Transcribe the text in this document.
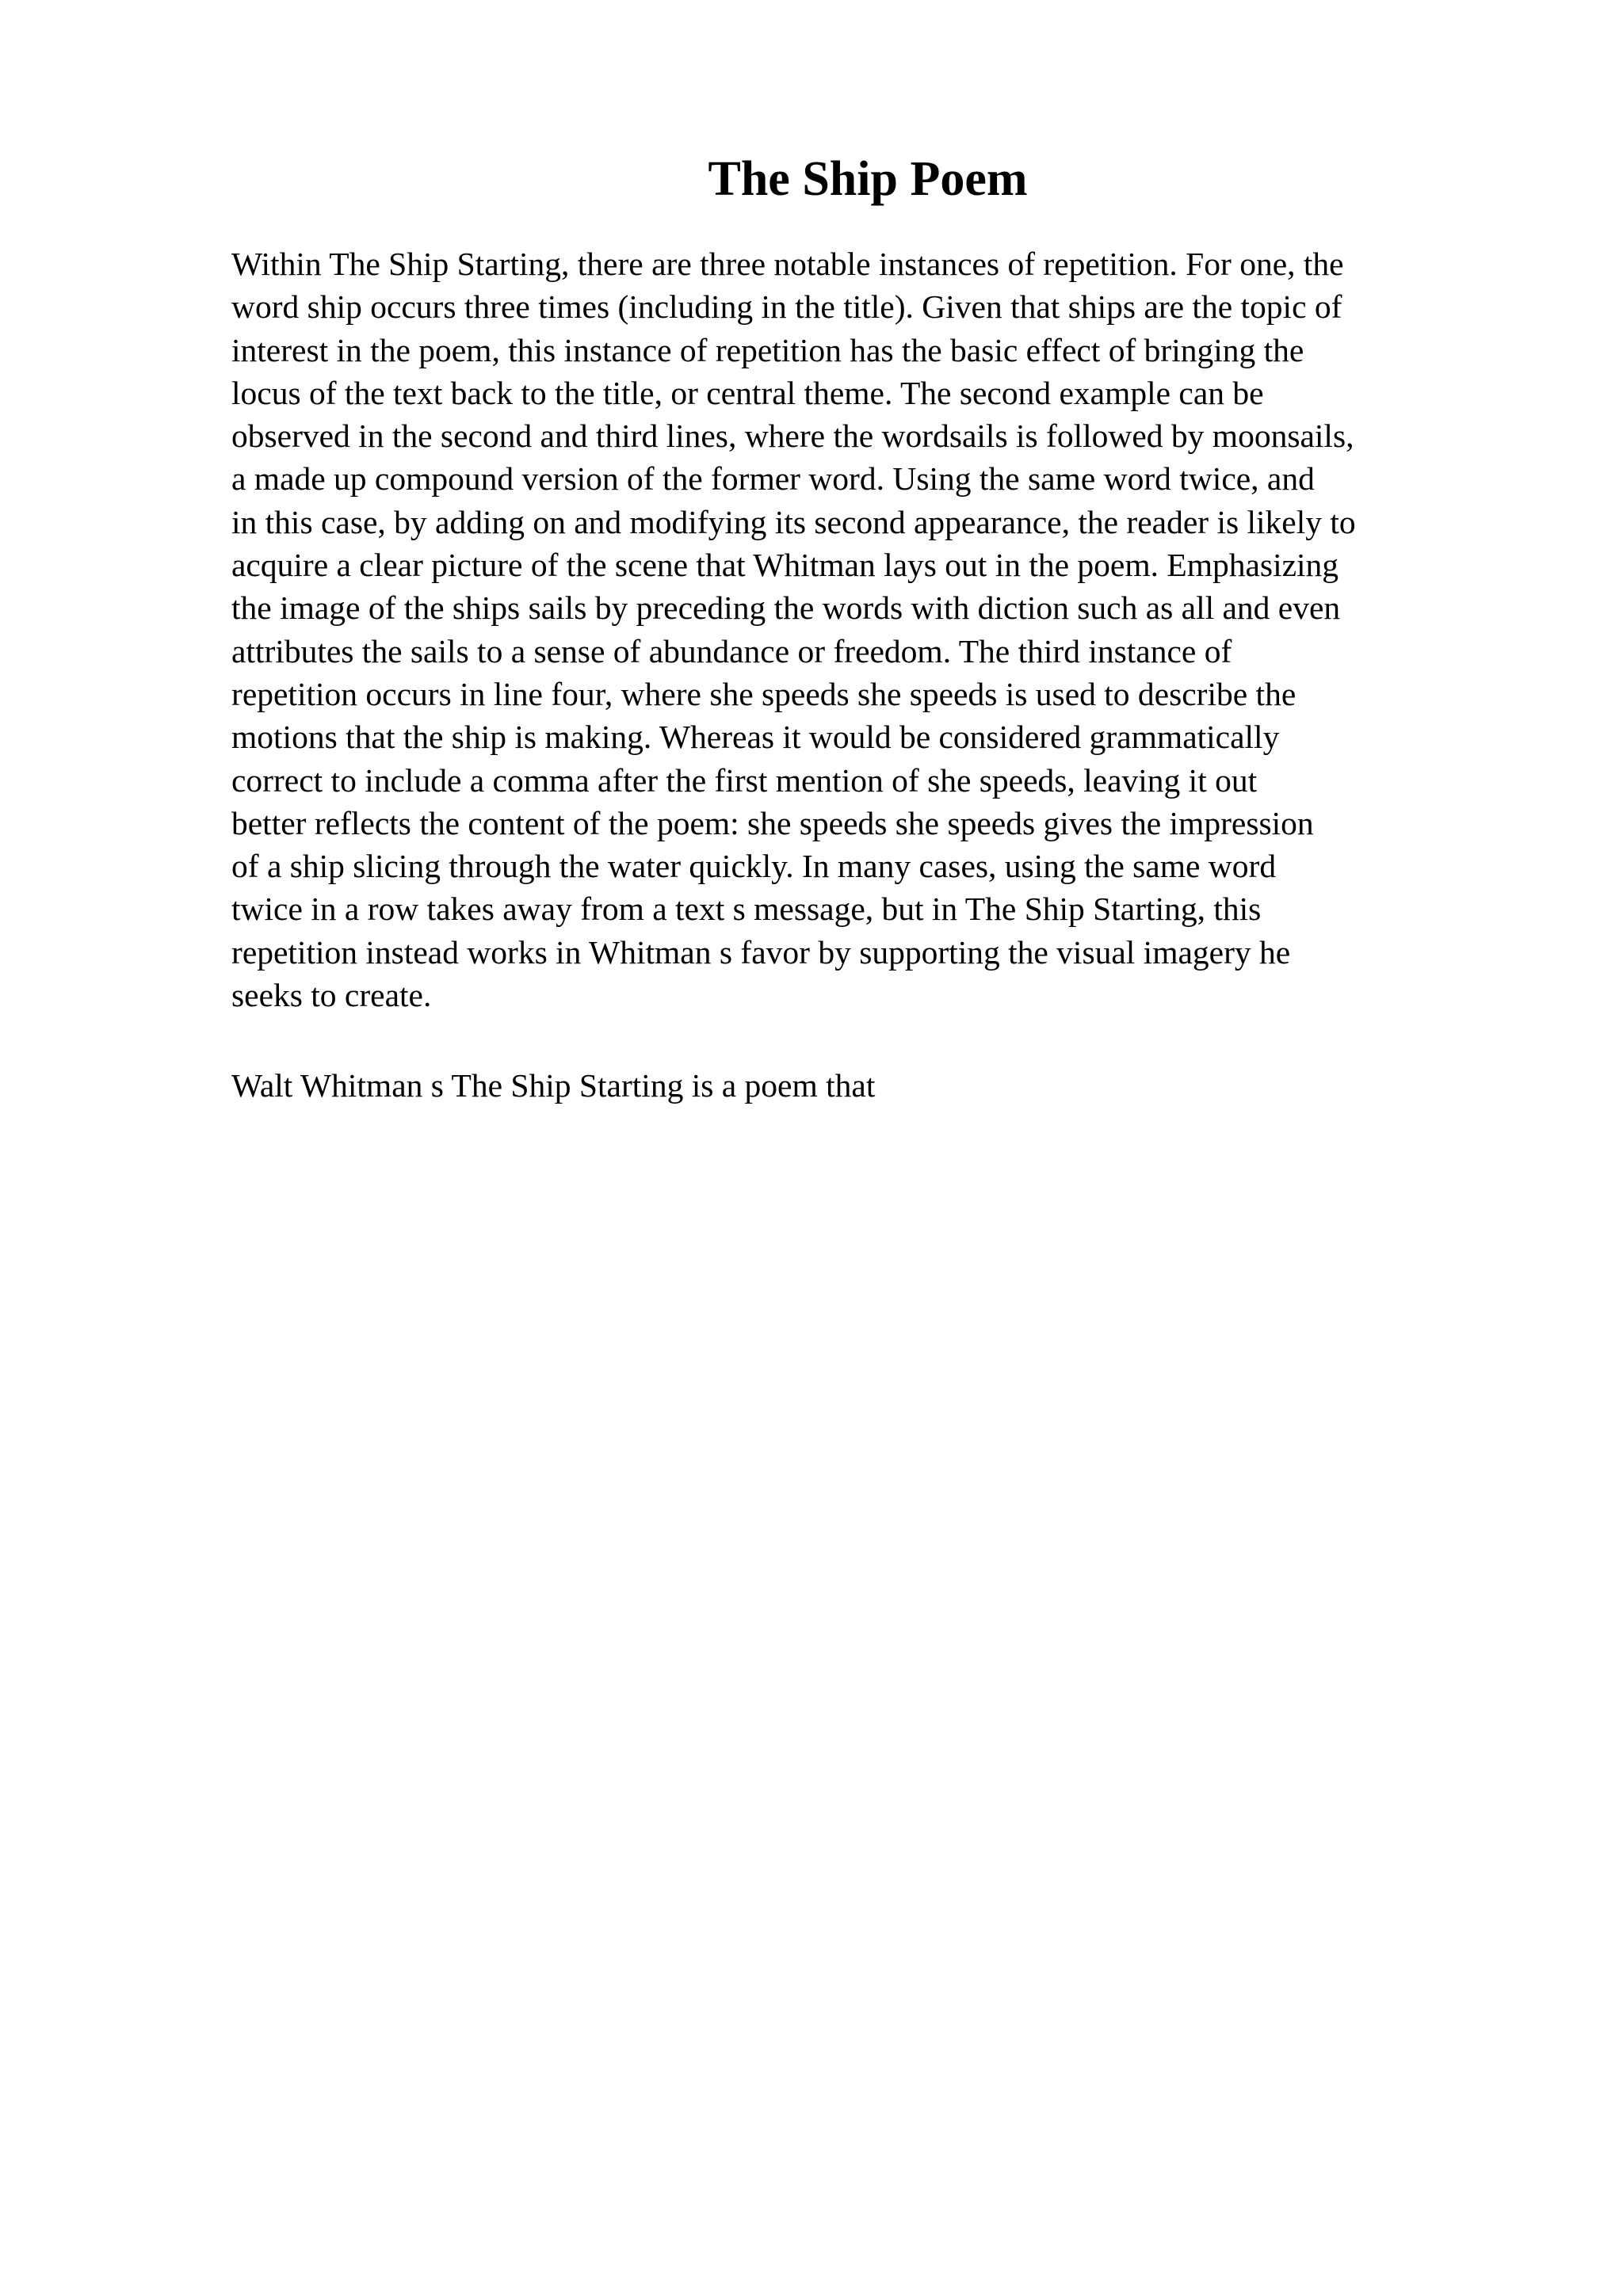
The Ship Poem

Within The Ship Starting, there are three notable instances of repetition. For one, the
word ship occurs three times (including in the title). Given that ships are the topic of
interest in the poem, this instance of repetition has the basic effect of bringing the
locus of the text back to the title, or central theme. The second example can be
observed in the second and third lines, where the wordsails is followed by moonsails,
a made up compound version of the former word. Using the same word twice, and
in this case, by adding on and modifying its second appearance, the reader is likely to
acquire a clear picture of the scene that Whitman lays out in the poem. Emphasizing
the image of the ships sails by preceding the words with diction such as all and even
attributes the sails to a sense of abundance or freedom. The third instance of
repetition occurs in line four, where she speeds she speeds is used to describe the
motions that the ship is making. Whereas it would be considered grammatically
correct to include a comma after the first mention of she speeds, leaving it out
better reflects the content of the poem: she speeds she speeds gives the impression
of a ship slicing through the water quickly. In many cases, using the same word
twice in a row takes away from a text s message, but in The Ship Starting, this
repetition instead works in Whitman s favor by supporting the visual imagery he
seeks to create.

Walt Whitman s The Ship Starting is a poem that
